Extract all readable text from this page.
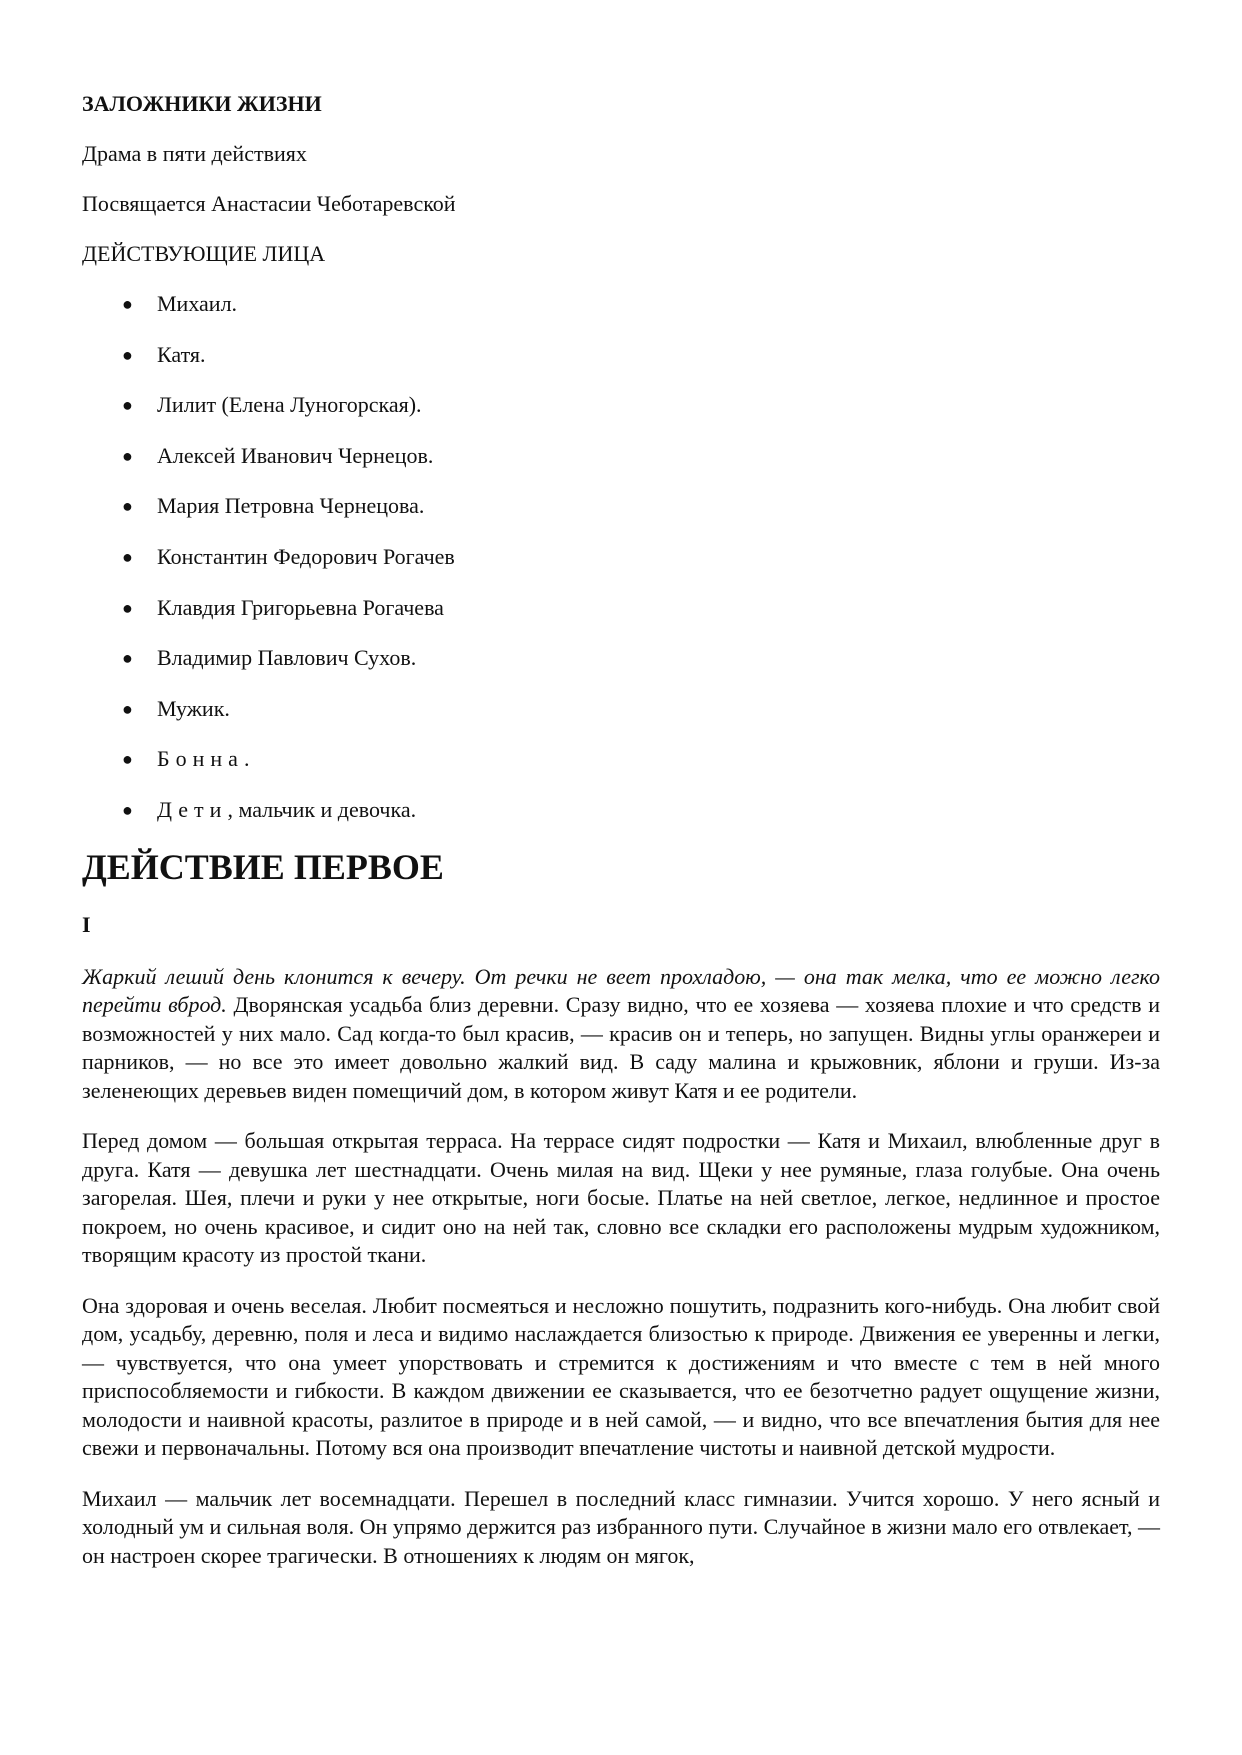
ЗАЛОЖНИКИ ЖИЗНИ
Драма в пяти действиях
Посвящается Анастасии Чеботаревской
ДЕЙСТВУЮЩИЕ ЛИЦА
● Михаил.
● Катя.
● Лилит (Елена Луногорская).
● Алексей Иванович Чернецов.
● Мария Петровна Чернецова.
● Константин Федорович Рогачев
● Клавдия Григорьевна Рогачева
● Владимир Павлович Сухов.
● Мужик.
● Бонна.
● Дети, мальчик и девочка.
ДЕЙСТВИЕ ПЕРВОЕ
I

Жаркий леший день клонится к вечеру. От речки не веет прохладою, — она так мелка, что ее можно легко перейти вброд. Дворянская усадьба близ деревни. Сразу видно, что ее хозяева — хозяева плохие и что средств и возможностей у них мало. Сад когда-то был красив, — красив он и теперь, но запущен. Видны углы оранжереи и парников, — но все это имеет довольно жалкий вид. В саду малина и крыжовник, яблони и груши. Из-за зеленеющих деревьев виден помещичий дом, в котором живут Катя и ее родители.

Перед домом — большая открытая терраса. На террасе сидят подростки — Катя и Михаил, влюбленные друг в друга. Катя — девушка лет шестнадцати. Очень милая на вид. Щеки у нее румяные, глаза голубые. Она очень загорелая. Шея, плечи и руки у нее открытые, ноги босые. Платье на ней светлое, легкое, недлинное и простое покроем, но очень красивое, и сидит оно на ней так, словно все складки его расположены мудрым художником, творящим красоту из простой ткани.

Она здоровая и очень веселая. Любит посмеяться и несложно пошутить, подразнить кого-нибудь. Она любит свой дом, усадьбу, деревню, поля и леса и видимо наслаждается близостью к природе. Движения ее уверенны и легки, — чувствуется, что она умеет упорствовать и стремится к достижениям и что вместе с тем в ней много приспособляемости и гибкости. В каждом движении ее сказывается, что ее безотчетно радует ощущение жизни, молодости и наивной красоты, разлитое в природе и в ней самой, — и видно, что все впечатления бытия для нее свежи и первоначальны. Потому вся она производит впечатление чистоты и наивной детской мудрости.

Михаил — мальчик лет восемнадцати. Перешел в последний класс гимназии. Учится хорошо. У него ясный и холодный ум и сильная воля. Он упрямо держится раз избранного пути. Случайное в жизни мало его отвлекает, — он настроен скорее трагически. В отношениях к людям он мягок,
